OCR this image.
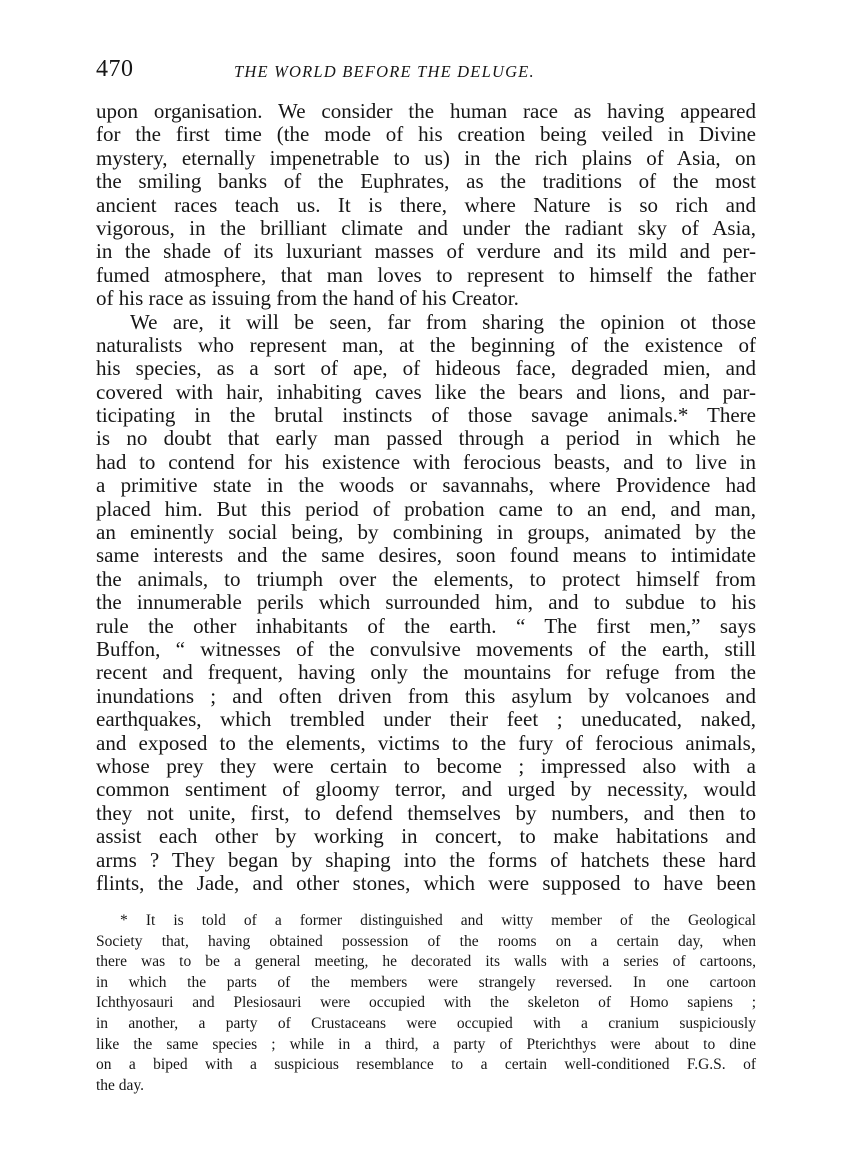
470	THE WORLD BEFORE THE DELUGE.
upon organisation. We consider the human race as having appeared
for the first time (the mode of his creation being veiled in Divine
mystery, eternally impenetrable to us) in the rich plains of Asia, on
the smiling banks of the Euphrates, as the traditions of the most
ancient races teach us. It is there, where Nature is so rich and
vigorous, in the brilliant climate and under the radiant sky of Asia,
in the shade of its luxuriant masses of verdure and its mild and per-
fumed atmosphere, that man loves to represent to himself the father
of his race as issuing from the hand of his Creator.
We are, it will be seen, far from sharing the opinion ot those
naturalists who represent man, at the beginning of the existence of
his species, as a sort of ape, of hideous face, degraded mien, and
covered with hair, inhabiting caves like the bears and lions, and par-
ticipating in the brutal instincts of those savage animals.* There
is no doubt that early man passed through a period in which he
had to contend for his existence with ferocious beasts, and to live in
a primitive state in the woods or savannahs, where Providence had
placed him. But this period of probation came to an end, and man,
an eminently social being, by combining in groups, animated by the
same interests and the same desires, soon found means to intimidate
the animals, to triumph over the elements, to protect himself from
the innumerable perils which surrounded him, and to subdue to his
rule the other inhabitants of the earth. “ The first men,” says
Buffon, “ witnesses of the convulsive movements of the earth, still
recent and frequent, having only the mountains for refuge from the
inundations ; and often driven from this asylum by volcanoes and
earthquakes, which trembled under their feet ; uneducated, naked,
and exposed to the elements, victims to the fury of ferocious animals,
whose prey they were certain to become ; impressed also with a
common sentiment of gloomy terror, and urged by necessity, would
they not unite, first, to defend themselves by numbers, and then to
assist each other by working in concert, to make habitations and
arms ? They began by shaping into the forms of hatchets these hard
flints, the Jade, and other stones, which were supposed to have been
* It is told of a former distinguished and witty member of the Geological
Society that, having obtained possession of the rooms on a certain day, when
there was to be a general meeting, he decorated its walls with a series of cartoons,
in which the parts of the members were strangely reversed. In one cartoon
Ichthyosauri and Plesiosauri were occupied with the skeleton of Homo sapiens ;
in another, a party of Crustaceans were occupied with a cranium suspiciously
like the same species ; while in a third, a party of Pterichthys were about to dine
on a biped with a suspicious resemblance to a certain well-conditioned F.G.S. of
the day.
